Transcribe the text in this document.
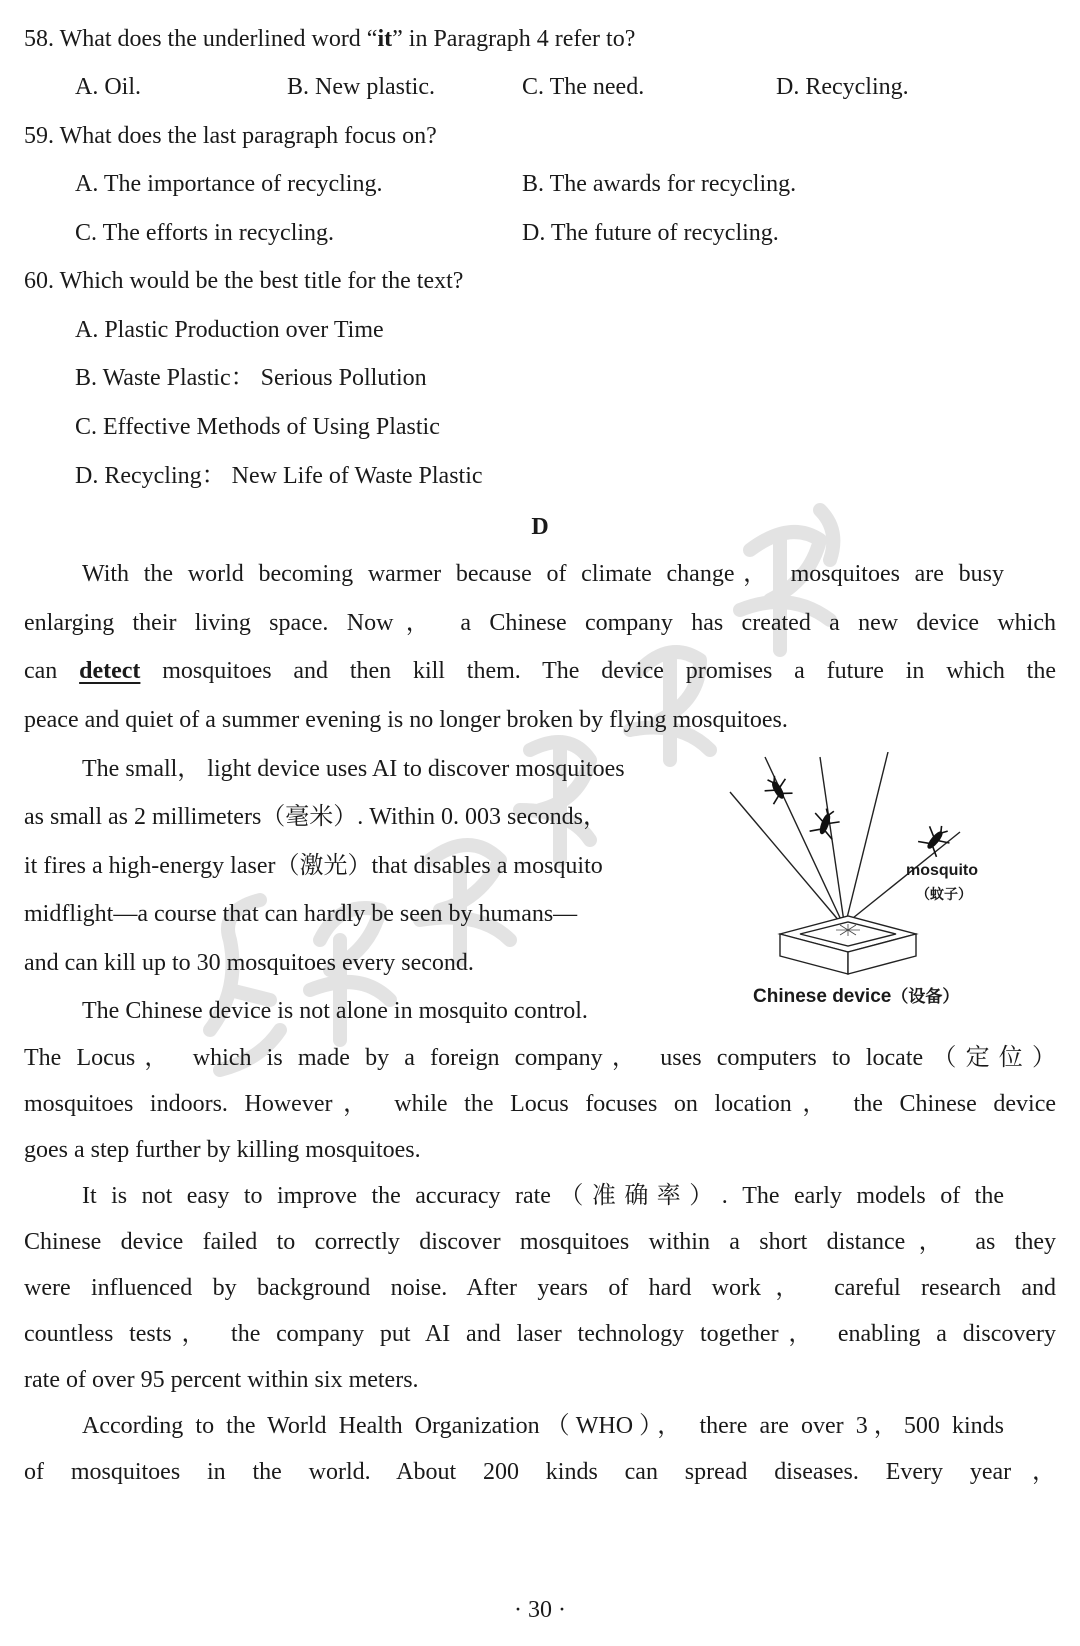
58. What does the underlined word “it” in Paragraph 4 refer to?
A. Oil.	B. New plastic.	C. The need.	D. Recycling.
59. What does the last paragraph focus on?
A. The importance of recycling.	B. The awards for recycling.
C. The efforts in recycling.	D. The future of recycling.
60. Which would be the best title for the text?
A. Plastic Production over Time
B. Waste Plastic： Serious Pollution
C. Effective Methods of Using Plastic
D. Recycling： New Life of Waste Plastic
D
With the world becoming warmer because of climate change， mosquitoes are busy
enlarging their living space. Now， a Chinese company has created a new device which
can detect mosquitoes and then kill them. The device promises a future in which the
peace and quiet of a summer evening is no longer broken by flying mosquitoes.
The small， light device uses AI to discover mosquitoes
as small as 2 millimeters（毫米）. Within 0. 003 seconds，
it fires a high-energy laser（激光）that disables a mosquito
midflight—a course that can hardly be seen by humans—
and can kill up to 30 mosquitoes every second.
The Chinese device is not alone in mosquito control.
The Locus， which is made by a foreign company， uses computers to locate（定位）
mosquitoes indoors. However， while the Locus focuses on location， the Chinese device
goes a step further by killing mosquitoes.
It is not easy to improve the accuracy rate（准确率）. The early models of the
Chinese device failed to correctly discover mosquitoes within a short distance， as they
were influenced by background noise. After years of hard work， careful research and
countless tests， the company put AI and laser technology together， enabling a discovery
rate of over 95 percent within six meters.
According to the World Health Organization（WHO）， there are over 3，500 kinds
of mosquitoes in the world. About 200 kinds can spread diseases. Every year，
mosquito
（蚊子）
Chinese device（设备）
· 30 ·
